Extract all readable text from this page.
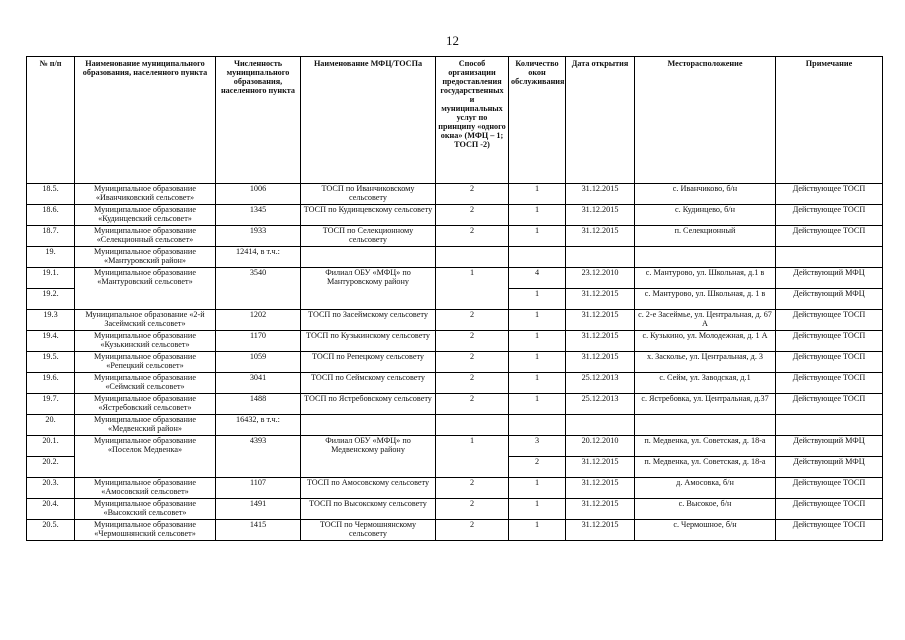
12
№ п/п	Наименование муниципального образования, населенного пункта	Численность муниципального образования, населенного пункта	Наименование МФЦ/ТОСПа	Способ организации предоставления государственных и муниципальных услуг по принципу «одного окна» (МФЦ – 1; ТОСП -2)	Количество окон обслуживания	Дата открытия	Месторасположение	Примечание
18.5.	Муниципальное образование «Иванчиковский сельсовет»	1006	ТОСП по Иванчиковскому сельсовету	2	1	31.12.2015	с. Иванчиково, б/н	Действующее ТОСП
18.6.	Муниципальное образование «Кудинцевский сельсовет»	1345	ТОСП по Кудинцевскому сельсовету	2	1	31.12.2015	с. Кудинцево, б/н	Действующее ТОСП
18.7.	Муниципальное образование «Селекционный сельсовет»	1933	ТОСП по Селекционному сельсовету	2	1	31.12.2015	п. Селекционный	Действующее ТОСП
19.	Муниципальное образование «Мантуровский район»	12414, в т.ч.:						
19.1.	Муниципальное образование «Мантуровский сельсовет»	3540	Филиал ОБУ «МФЦ» по Мантуровскому району	1	4	23.12.2010	с. Мантурово, ул. Школьная, д.1 в	Действующий МФЦ
19.2.					1	31.12.2015	с. Мантурово, ул. Школьная, д. 1 в	Действующий МФЦ
19.3	Муниципальное образование «2-й Засеймский сельсовет»	1202	ТОСП по Засеймскому сельсовету	2	1	31.12.2015	с. 2-е Засеймье, ул. Центральная, д. 67 А	Действующее ТОСП
19.4.	Муниципальное образование «Кузькинский сельсовет»	1170	ТОСП по Кузькинскому сельсовету	2	1	31.12.2015	с. Кузькино, ул. Молодежная, д. 1 А	Действующее ТОСП
19.5.	Муниципальное образование «Репецкий сельсовет»	1059	ТОСП по Репецкому сельсовету	2	1	31.12.2015	х. Засколье, ул. Центральная, д. 3	Действующее ТОСП
19.6.	Муниципальное образование «Сеймский сельсовет»	3041	ТОСП по Сеймскому сельсовету	2	1	25.12.2013	с. Сейм, ул. Заводская, д.1	Действующее ТОСП
19.7.	Муниципальное образование «Ястребовский сельсовет»	1488	ТОСП по Ястребовскому сельсовету	2	1	25.12.2013	с. Ястребовка, ул. Центральная, д.37	Действующее ТОСП
20.	Муниципальное образование «Медвенский район»	16432, в т.ч.:						
20.1.	Муниципальное образование «Поселок Медвенка»	4393	Филиал ОБУ «МФЦ» по Медвенскому району	1	3	20.12.2010	п. Медвенка, ул. Советская, д. 18-а	Действующий МФЦ
20.2.					2	31.12.2015	п. Медвенка, ул. Советская, д. 18-а	Действующий МФЦ
20.3.	Муниципальное образование «Амосовский сельсовет»	1107	ТОСП по Амосовскому сельсовету	2	1	31.12.2015	д. Амосовка, б/н	Действующее ТОСП
20.4.	Муниципальное образование «Высокский сельсовет»	1491	ТОСП по Высокскому сельсовету	2	1	31.12.2015	с. Высокое, б/н	Действующее ТОСП
20.5.	Муниципальное образование «Чермошнянский сельсовет»	1415	ТОСП по Чермошнянскому сельсовету	2	1	31.12.2015	с. Чермошное, б/н	Действующее ТОСП
